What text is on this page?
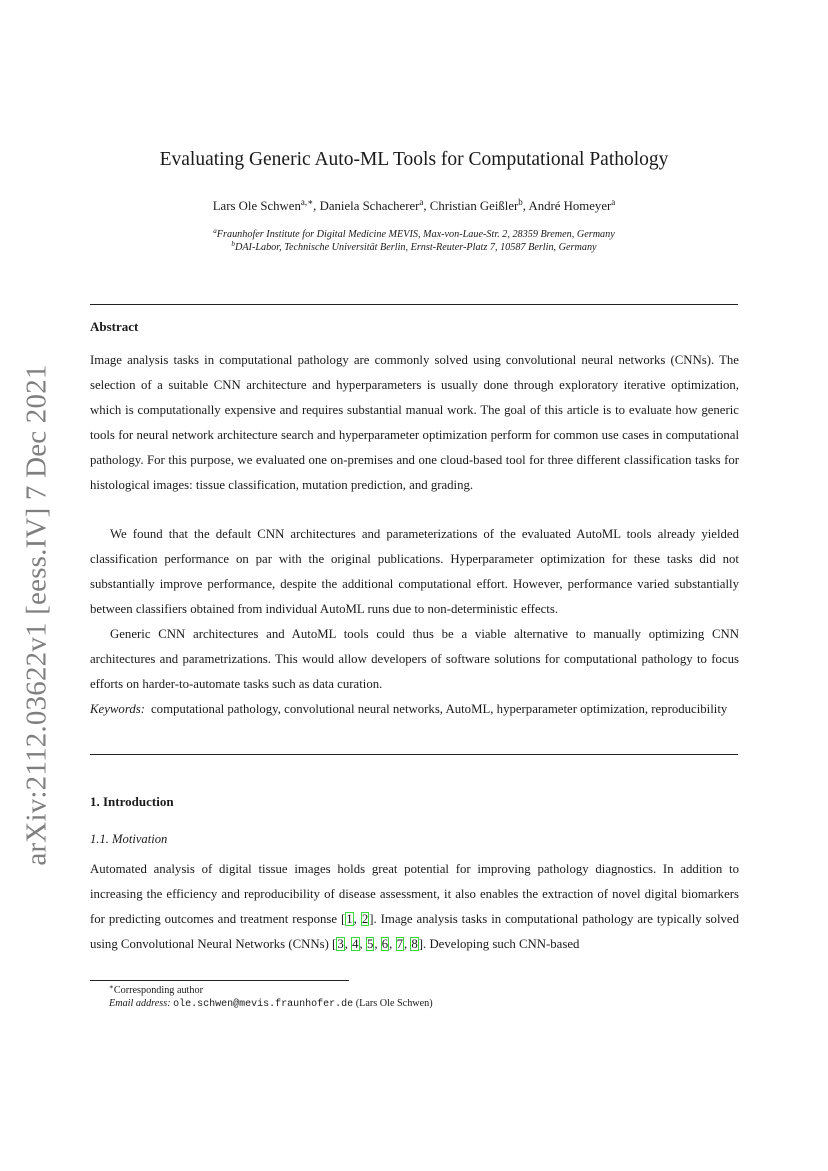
arXiv:2112.03622v1 [eess.IV] 7 Dec 2021
Evaluating Generic Auto-ML Tools for Computational Pathology
Lars Ole Schwen$^{a,∗}$, Daniela Schacherer$^a$, Christian Geißler$^b$, André Homeyer$^a$
$^a$Fraunhofer Institute for Digital Medicine MEVIS, Max-von-Laue-Str. 2, 28359 Bremen, Germany
$^b$DAI-Labor, Technische Universität Berlin, Ernst-Reuter-Platz 7, 10587 Berlin, Germany
Abstract

Image analysis tasks in computational pathology are commonly solved using convolutional neural networks (CNNs). The selection of a suitable CNN architecture and hyperparameters is usually done through exploratory iterative optimization, which is computationally expensive and requires substantial manual work. The goal of this article is to evaluate how generic tools for neural network architecture search and hyperparameter optimization perform for common use cases in computational pathology. For this purpose, we evaluated one on-premises and one cloud-based tool for three different classification tasks for histological images: tissue classification, mutation prediction, and grading.

We found that the default CNN architectures and parameterizations of the evaluated AutoML tools already yielded classification performance on par with the original publications. Hyperparameter optimization for these tasks did not substantially improve performance, despite the additional computational effort. However, performance varied substantially between classifiers obtained from individual AutoML runs due to non-deterministic effects.

Generic CNN architectures and AutoML tools could thus be a viable alternative to manually optimizing CNN architectures and parametrizations. This would allow developers of software solutions for computational pathology to focus efforts on harder-to-automate tasks such as data curation.

Keywords: computational pathology, convolutional neural networks, AutoML, hyperparameter optimization, reproducibility

1. Introduction
1.1. Motivation

Automated analysis of digital tissue images holds great potential for improving pathology diagnostics. In addition to increasing the efficiency and reproducibility of disease assessment, it also enables the extraction of novel digital biomarkers for predicting outcomes and treatment response [1, 2]. Image analysis tasks in computational pathology are typically solved using Convolutional Neural Networks (CNNs) [3, 4, 5, 6, 7, 8]. Developing such CNN-based

∗Corresponding author
Email address: ole.schwen@mevis.fraunhofer.de (Lars Ole Schwen)
